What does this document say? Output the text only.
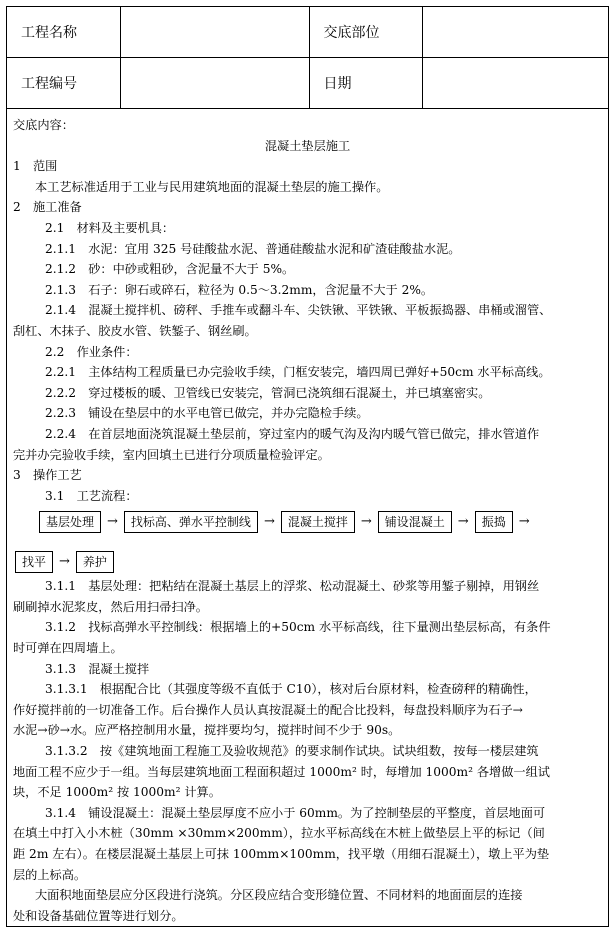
工程名称		交底部位	
工程编号		日期	
交底内容：
混凝土垫层施工
1　范围
本工艺标准适用于工业与民用建筑地面的混凝土垫层的施工操作。
2　施工准备
2.1　材料及主要机具：
2.1.1　水泥：宜用 325 号硅酸盐水泥、普通硅酸盐水泥和矿渣硅酸盐水泥。
2.1.2　砂：中砂或粗砂，含泥量不大于 5%。
2.1.3　石子：卵石或碎石，粒径为 0.5～3.2mm，含泥量不大于 2%。
2.1.4　混凝土搅拌机、磅秤、手推车或翻斗车、尖铁锹、平铁锹、平板振捣器、串桶或溜管、
刮杠、木抹子、胶皮水管、铁錾子、钢丝刷。
2.2　作业条件：
2.2.1　主体结构工程质量已办完验收手续，门框安装完，墙四周已弹好+50cm 水平标高线。
2.2.2　穿过楼板的暖、卫管线已安装完，管洞已浇筑细石混凝土，并已填塞密实。
2.2.3　铺设在垫层中的水平电管已做完，并办完隐检手续。
2.2.4　在首层地面浇筑混凝土垫层前，穿过室内的暖气沟及沟内暖气管已做完，排水管道作
完并办完验收手续，室内回填土已进行分项质量检验评定。
3　操作工艺
3.1　工艺流程：
基层处理	→	找标高、弹水平控制线	→	混凝土搅拌	→	铺设混凝土	→	振捣	→
找平	→	养护
3.1.1　基层处理：把粘结在混凝土基层上的浮浆、松动混凝土、砂浆等用錾子剔掉，用钢丝
刷刷掉水泥浆皮，然后用扫帚扫净。
3.1.2　找标高弹水平控制线：根据墙上的+50cm 水平标高线，往下量测出垫层标高，有条件
时可弹在四周墙上。
3.1.3　混凝土搅拌
3.1.3.1　根据配合比（其强度等级不直低于 C10），核对后台原材料，检查磅秤的精确性，
作好搅拌前的一切准备工作。后台操作人员认真按混凝土的配合比投料，每盘投料顺序为石子→
水泥→砂→水。应严格控制用水量，搅拌要均匀，搅拌时间不少于 90s。
3.1.3.2　按《建筑地面工程施工及验收规范》的要求制作试块。试块组数，按每一楼层建筑
地面工程不应少于一组。当每层建筑地面工程面积超过 1000m² 时，每增加 1000m² 各增做一组试
块，不足 1000m² 按 1000m² 计算。
3.1.4　铺设混凝土：混凝土垫层厚度不应小于 60mm。为了控制垫层的平整度，首层地面可
在填土中打入小木桩（30mm ×30mm×200mm），拉水平标高线在木桩上做垫层上平的标记（间
距 2m 左右）。在楼层混凝土基层上可抹 100mm×100mm，找平墩（用细石混凝土），墩上平为垫
层的上标高。
大面积地面垫层应分区段进行浇筑。分区段应结合变形缝位置、不同材料的地面面层的连接
处和设备基础位置等进行划分。
